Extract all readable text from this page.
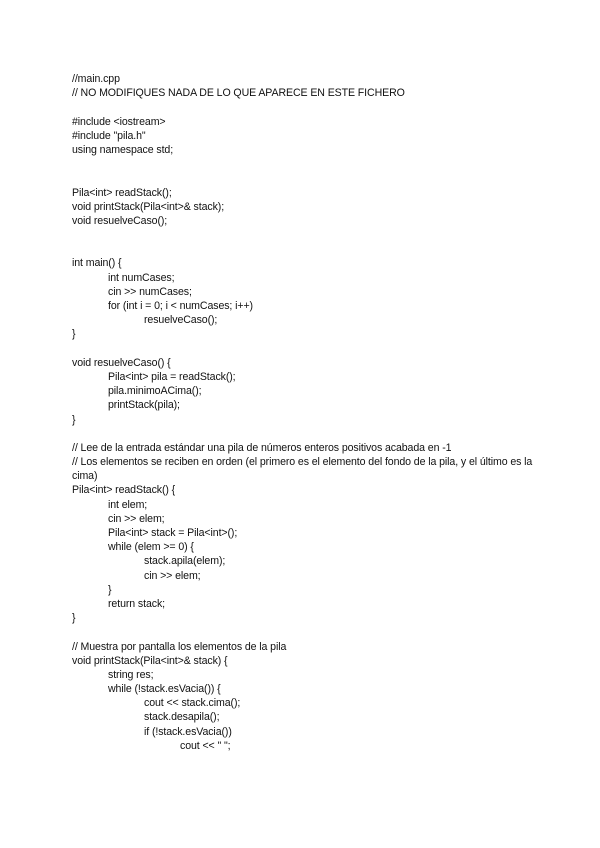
//main.cpp
// NO MODIFIQUES NADA DE LO QUE APARECE EN ESTE FICHERO
#include <iostream>
#include "pila.h"
using namespace std;
Pila<int> readStack();
void printStack(Pila<int>& stack);
void resuelveCaso();
int main() {
int numCases;
cin >> numCases;
for (int i = 0; i < numCases; i++)
resuelveCaso();
}
void resuelveCaso() {
Pila<int> pila = readStack();
pila.minimoACima();
printStack(pila);
}
// Lee de la entrada estándar una pila de números enteros positivos acabada en -1
// Los elementos se reciben en orden (el primero es el elemento del fondo de la pila, y el último es la cima)
Pila<int> readStack() {
int elem;
cin >> elem;
Pila<int> stack = Pila<int>();
while (elem >= 0) {
stack.apila(elem);
cin >> elem;
}
return stack;
}
// Muestra por pantalla los elementos de la pila
void printStack(Pila<int>& stack) {
string res;
while (!stack.esVacia()) {
cout << stack.cima();
stack.desapila();
if (!stack.esVacia())
cout << " ";
